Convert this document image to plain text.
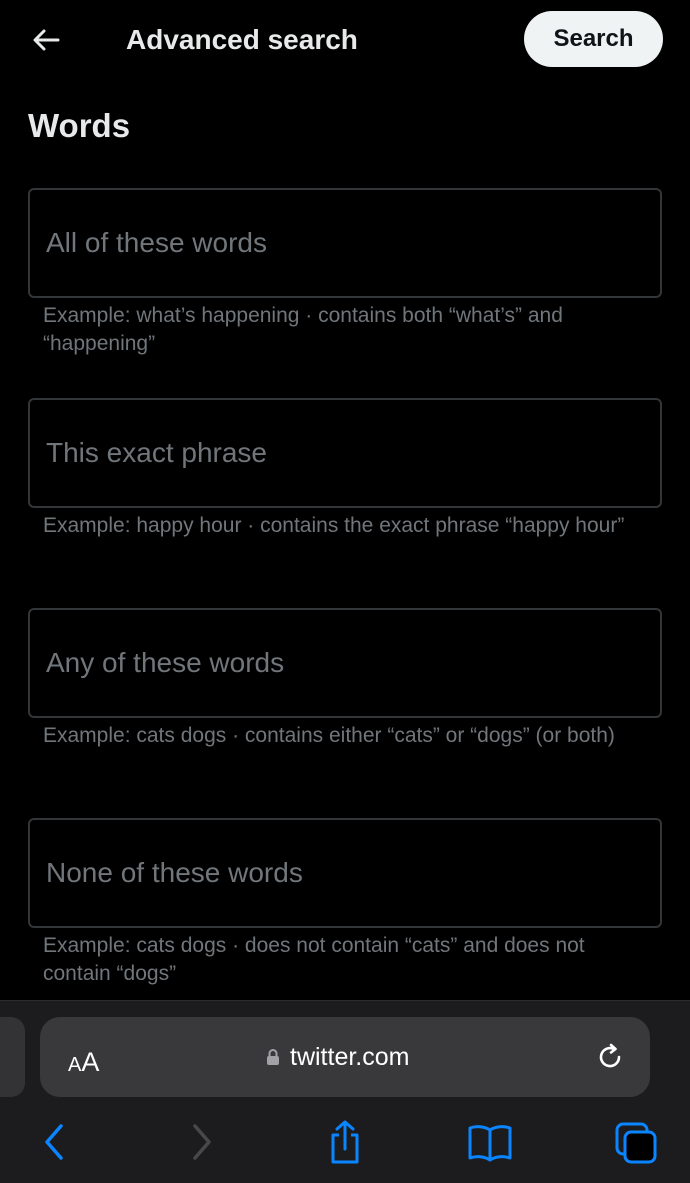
Advanced search	Search
Words
All of these words
Example: what’s happening · contains both “what’s” and “happening”
This exact phrase
Example: happy hour · contains the exact phrase “happy hour”
Any of these words
Example: cats dogs · contains either “cats” or “dogs” (or both)
None of these words
Example: cats dogs · does not contain “cats” and does not contain “dogs”
A A	twitter.com
